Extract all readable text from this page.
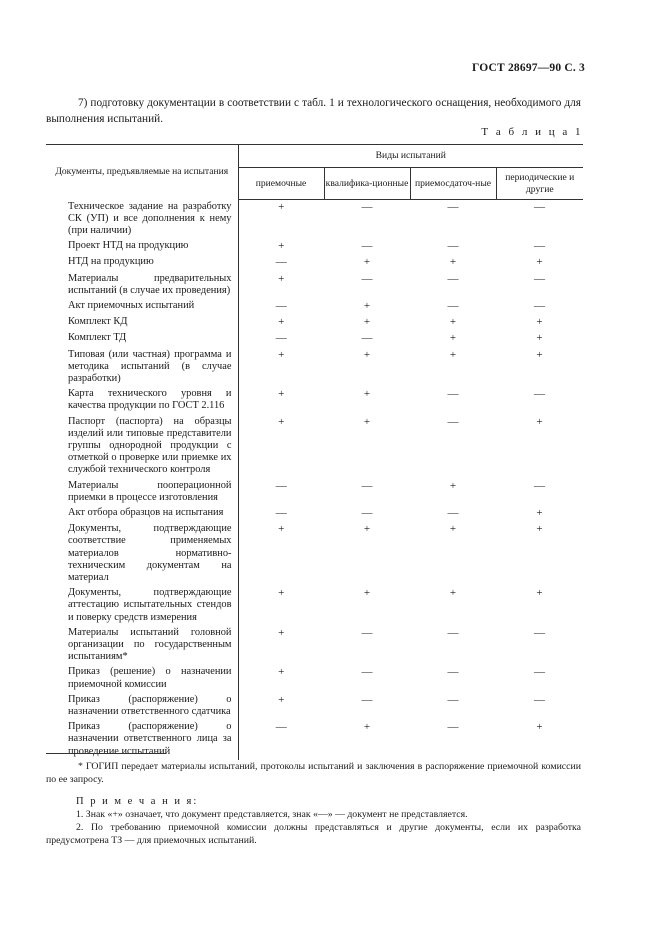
ГОСТ 28697—90 С. 3
7) подготовку документации в соответствии с табл. 1 и технологического оснащения, необходимого для выполнения испытаний.
Т а б л и ц а 1
Документы, предъявляемые на испытания	Виды испытаний			
	приемочные	квалифика-ционные	приемосдаточ-ные	периодические и другие
Техническое задание на разработку СК (УП) и все дополнения к нему (при наличии)	+	—	—	—
Проект НТД на продукцию	+	—	—	—
НТД на продукцию	—	+	+	+
Материалы предварительных испытаний (в случае их проведения)	+	—	—	—
Акт приемочных испытаний	—	+	—	—
Комплект КД	+	+	+	+
Комплект ТД	—	—	+	+
Типовая (или частная) программа и методика испытаний (в случае разработки)	+	+	+	+
Карта технического уровня и качества продукции по ГОСТ 2.116	+	+	—	—
Паспорт (паспорта) на образцы изделий или типовые представители группы однородной продукции с отметкой о проверке или приемке их службой технического контроля	+	+	—	+
Материалы пооперационной приемки в процессе изготовления	—	—	+	—
Акт отбора образцов на испытания	—	—	—	+
Документы, подтверждающие соответствие применяемых материалов нормативно-техническим документам на материал	+	+	+	+
Документы, подтверждающие аттестацию испытательных стендов и поверку средств измерения	+	+	+	+
Материалы испытаний головной организации по государственным испытаниям*	+	—	—	—
Приказ (решение) о назначении приемочной комиссии	+	—	—	—
Приказ (распоряжение) о назначении ответственного сдатчика	+	—	—	—
Приказ (распоряжение) о назначении ответственного лица за проведение испытаний	—	+	—	+
* ГОГИП передает материалы испытаний, протоколы испытаний и заключения в распоряжение приемочной комиссии по ее запросу.
П р и м е ч а н и я:
1. Знак «+» означает, что документ представляется, знак «—» — документ не представляется.
2. По требованию приемочной комиссии должны представляться и другие документы, если их разработка предусмотрена ТЗ — для приемочных испытаний.
